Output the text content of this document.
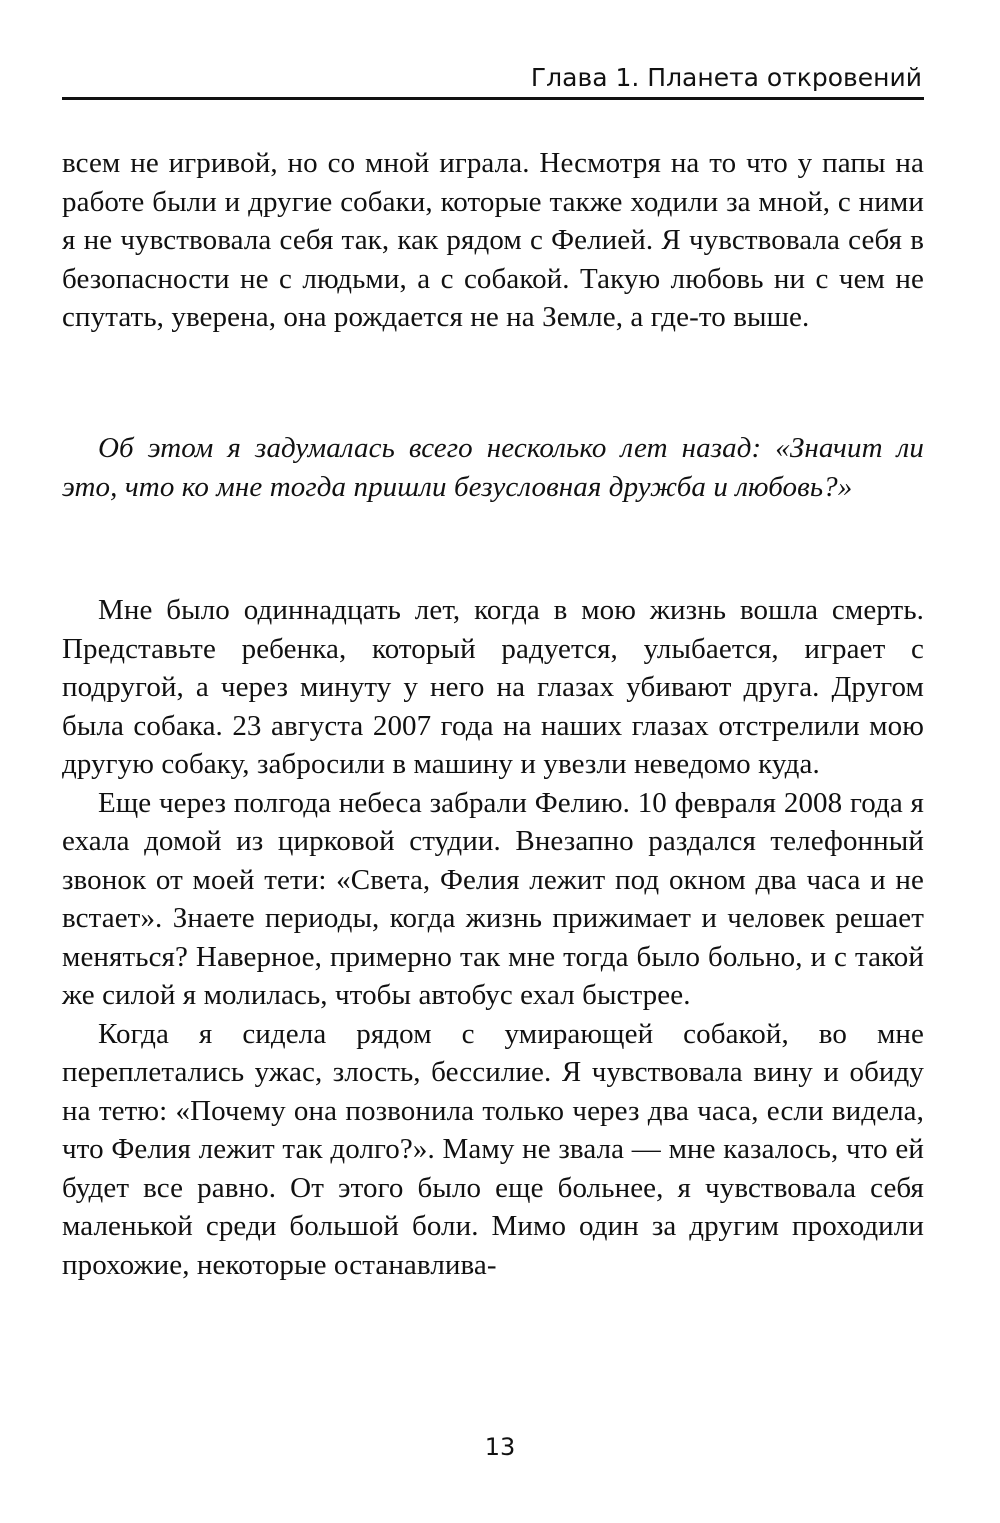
Глава 1. Планета откровений

всем не игривой, но со мной играла. Несмотря на то что у папы на работе были и другие собаки, которые также ходили за мной, с ними я не чувствовала себя так, как рядом с Фелией. Я чувствовала себя в безопасности не с людьми, а с собакой. Такую любовь ни с чем не спутать, уверена, она рождается не на Земле, а где-то выше.

Об этом я задумалась всего несколько лет назад: «Значит ли это, что ко мне тогда пришли безусловная дружба и любовь?»

Мне было одиннадцать лет, когда в мою жизнь вошла смерть. Представьте ребенка, который радуется, улыбается, играет с подругой, а через минуту у него на глазах убивают друга. Другом была собака. 23 августа 2007 года на наших глазах отстрелили мою другую собаку, забросили в машину и увезли неведомо куда.

Еще через полгода небеса забрали Фелию. 10 февраля 2008 года я ехала домой из цирковой студии. Внезапно раздался телефонный звонок от моей тети: «Света, Фелия лежит под окном два часа и не встает». Знаете периоды, когда жизнь прижимает и человек решает меняться? Наверное, примерно так мне тогда было больно, и с такой же силой я молилась, чтобы автобус ехал быстрее.

Когда я сидела рядом с умирающей собакой, во мне переплетались ужас, злость, бессилие. Я чувствовала вину и обиду на тетю: «Почему она позвонила только через два часа, если видела, что Фелия лежит так долго?». Маму не звала — мне казалось, что ей будет все равно. От этого было еще больнее, я чувствовала себя маленькой среди большой боли. Мимо один за другим проходили прохожие, некоторые останавлива-

13
